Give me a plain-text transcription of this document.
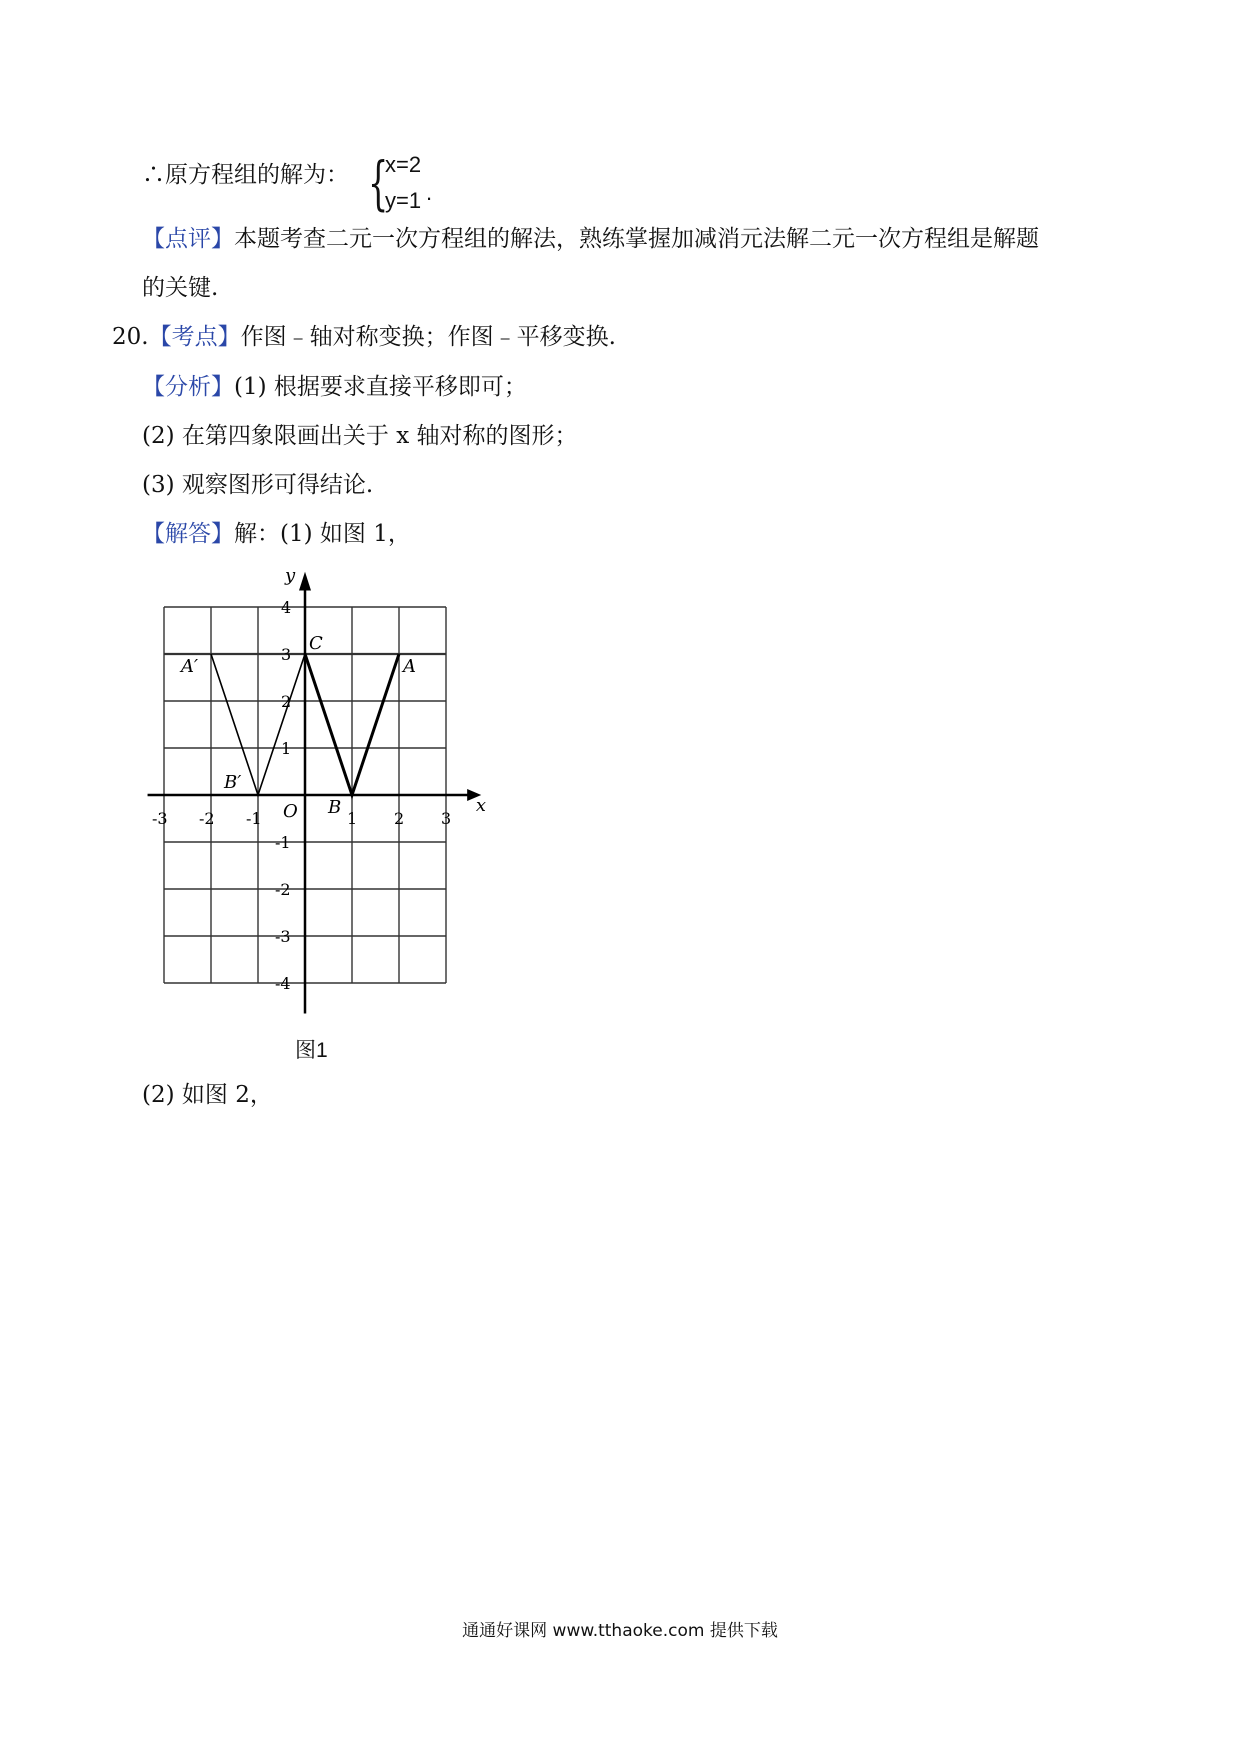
∴原方程组的解为： {
x=2
y=1 .
【点评】本题考查二元一次方程组的解法，熟练掌握加减消元法解二元一次方程组是解题
的关键.
20.【考点】作图﹣轴对称变换；作图﹣平移变换.
【分析】(1) 根据要求直接平移即可；
(2) 在第四象限画出关于 x 轴对称的图形；
(3) 观察图形可得结论.
【解答】解：(1) 如图 1，
x
y
O
-3 -2 -1	1 2 3
4
3
2
1
-1
-2
-3
-4
A
B
C
A′
B′
图1
(2) 如图 2，
通通好课网 www.tthaoke.com 提供下载
